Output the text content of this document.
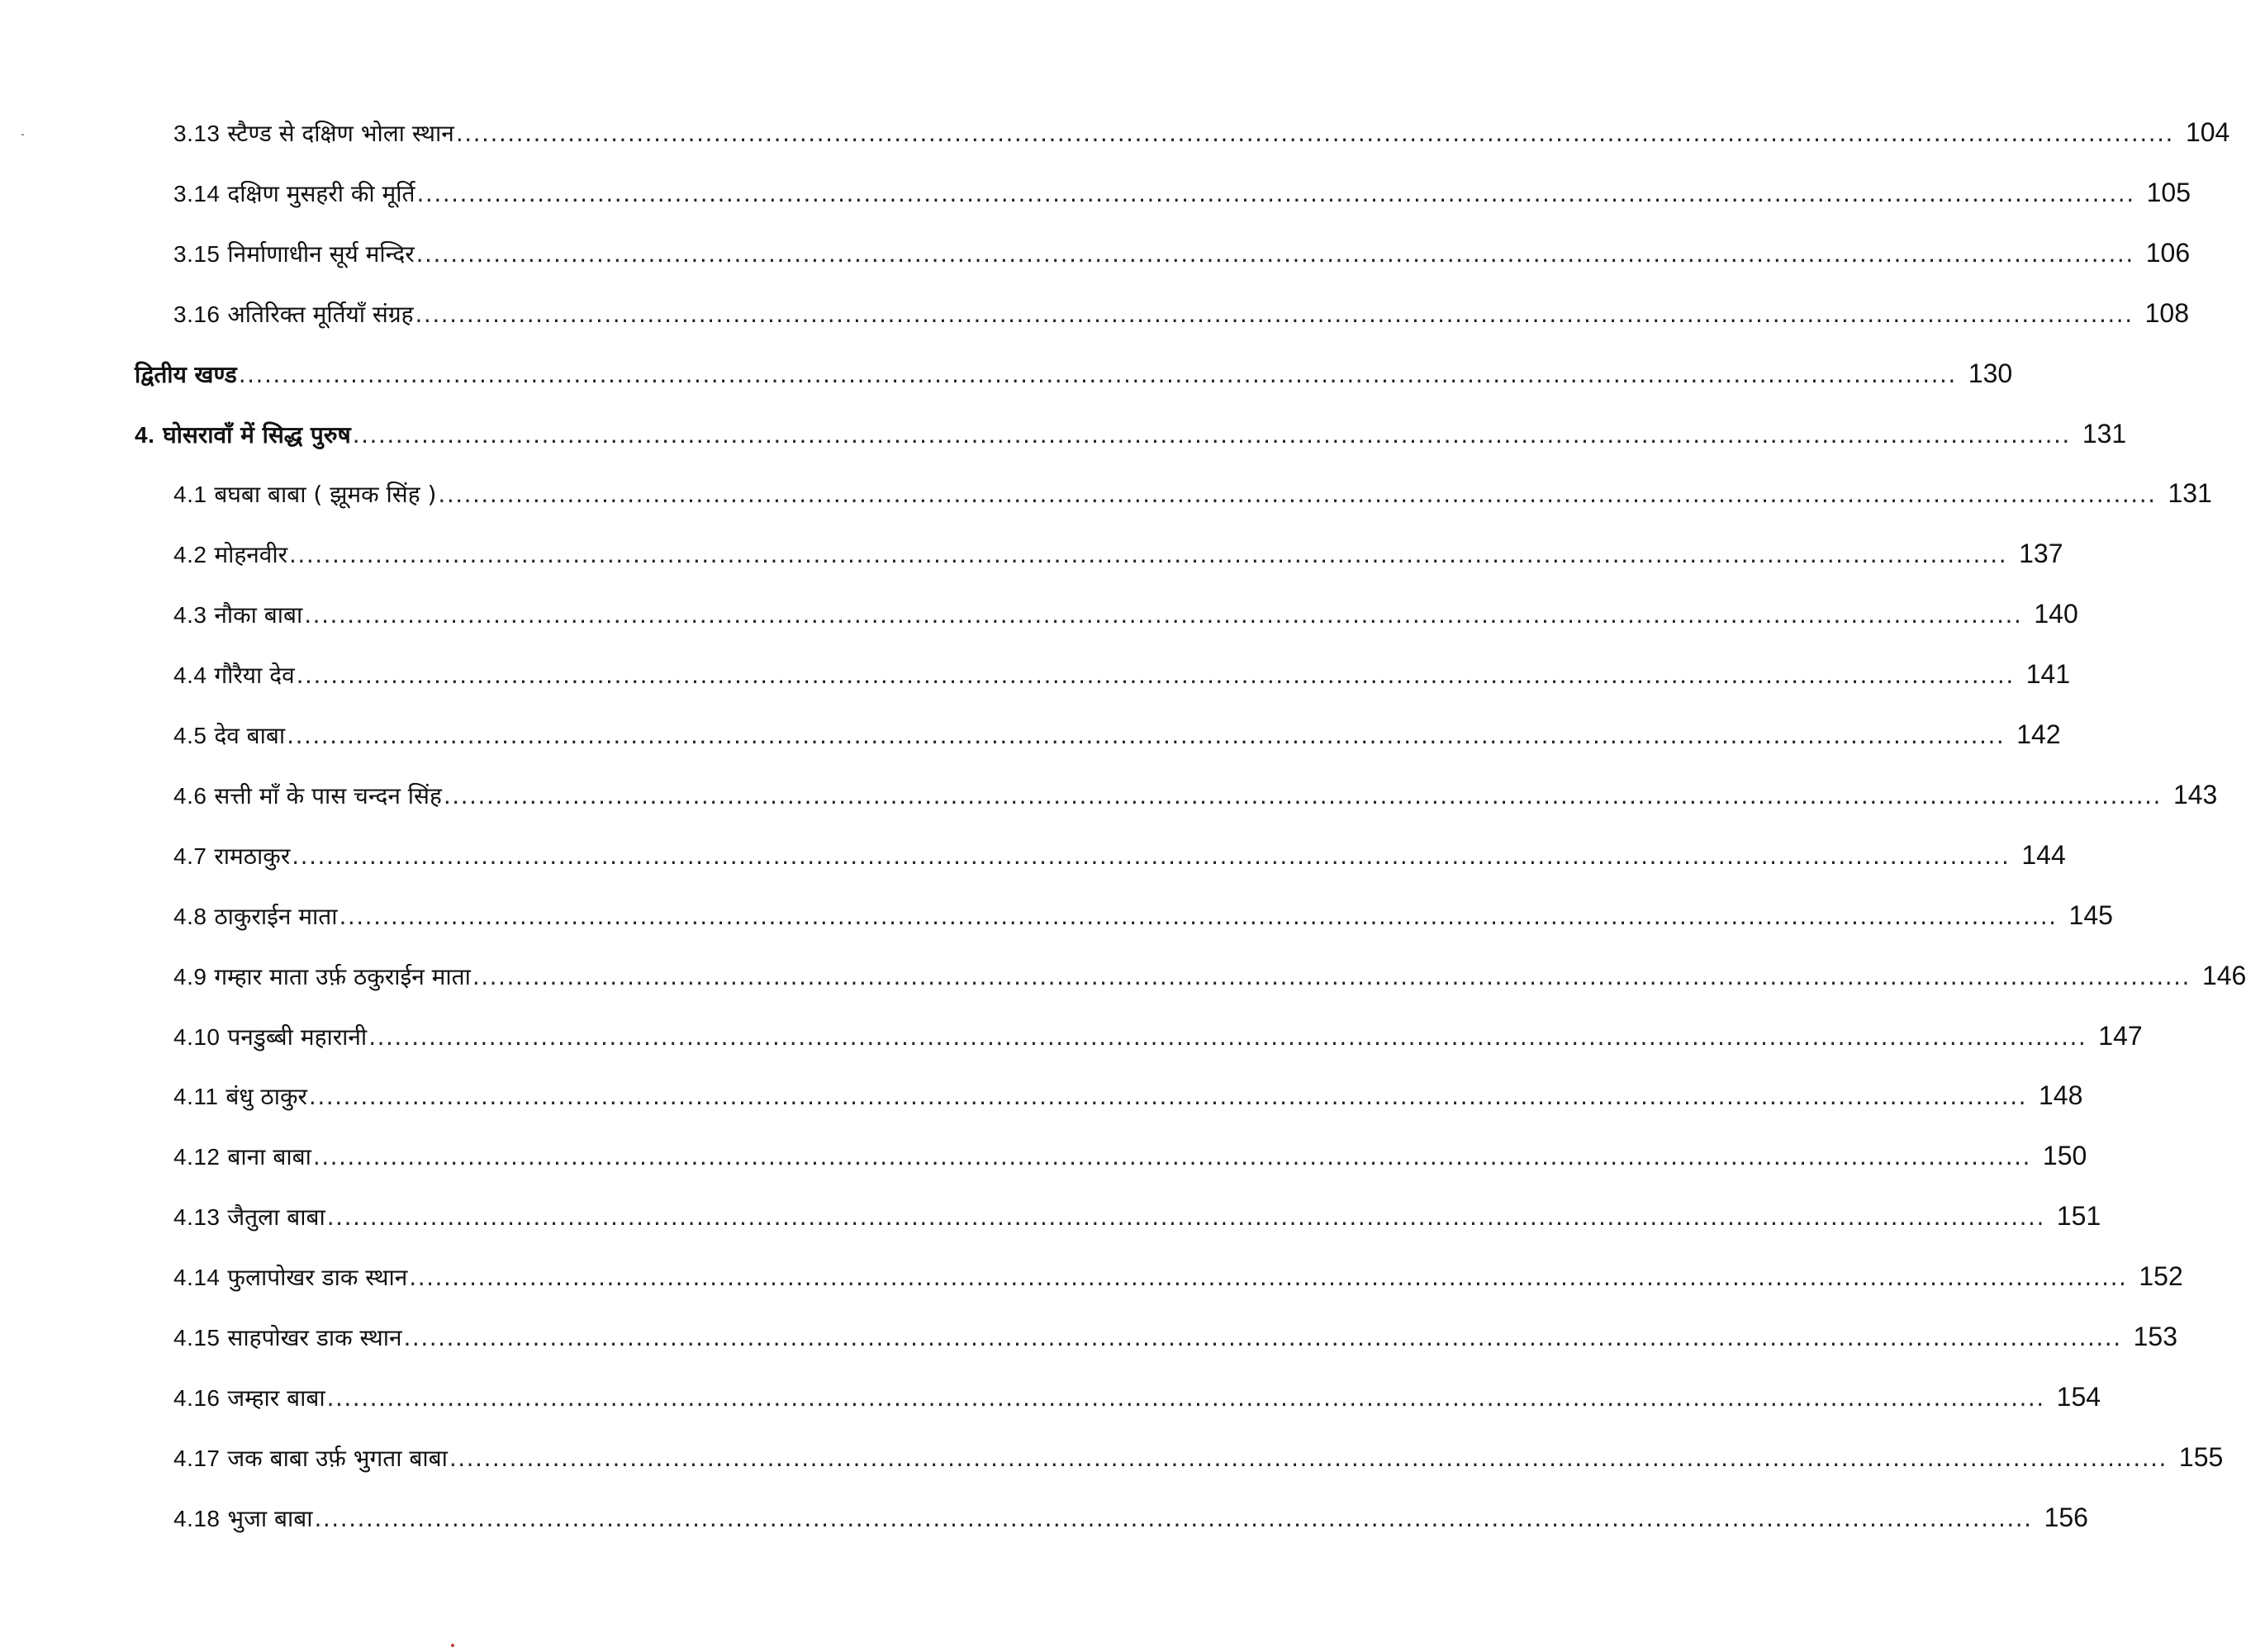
3.13 स्टैण्ड से दक्षिण भोला स्थान ........................................................................................................................................................................................................ 104
3.14 दक्षिण मुसहरी की मूर्ति ........................................................................................................................................................................................................ 105
3.15 निर्माणाधीन सूर्य मन्दिर ........................................................................................................................................................................................................ 106
3.16 अतिरिक्त मूर्तियाँ संग्रह ........................................................................................................................................................................................................ 108
द्वितीय खण्ड ........................................................................................................................................................................................................ 130
4. घोसरावाँ में सिद्ध पुरुष ........................................................................................................................................................................................................ 131
4.1 बघबा बाबा ( झूमक सिंह ) ........................................................................................................................................................................................................ 131
4.2 मोहनवीर ........................................................................................................................................................................................................ 137
4.3 नौका बाबा ........................................................................................................................................................................................................ 140
4.4 गौरैया देव ........................................................................................................................................................................................................ 141
4.5 देव बाबा ........................................................................................................................................................................................................ 142
4.6 सत्ती माँ के पास चन्दन सिंह ........................................................................................................................................................................................................ 143
4.7 रामठाकुर ........................................................................................................................................................................................................ 144
4.8 ठाकुराईन माता ........................................................................................................................................................................................................ 145
4.9 गम्हार माता उर्फ़ ठकुराईन माता ........................................................................................................................................................................................................ 146
4.10 पनडुब्बी महारानी ........................................................................................................................................................................................................ 147
4.11 बंधु ठाकुर ........................................................................................................................................................................................................ 148
4.12 बाना बाबा ........................................................................................................................................................................................................ 150
4.13 जैतुला बाबा ........................................................................................................................................................................................................ 151
4.14 फुलापोखर डाक स्थान ........................................................................................................................................................................................................ 152
4.15 साहपोखर डाक स्थान ........................................................................................................................................................................................................ 153
4.16 जम्हार बाबा ........................................................................................................................................................................................................ 154
4.17 जक बाबा उर्फ़ भुगता बाबा ........................................................................................................................................................................................................ 155
4.18 भुजा बाबा ........................................................................................................................................................................................................ 156
